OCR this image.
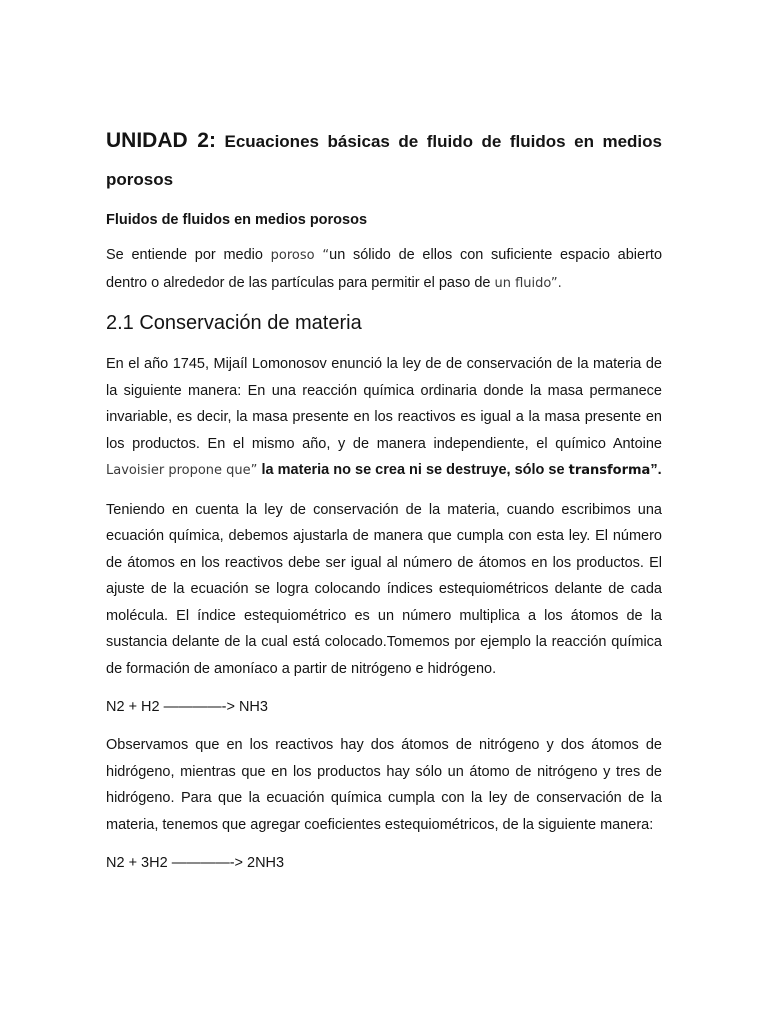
UNIDAD 2: Ecuaciones básicas de fluido de fluidos en medios porosos
Fluidos de fluidos en medios porosos

Se entiende por medio poroso “un sólido de ellos con suficiente espacio abierto dentro o alrededor de las partículas para permitir el paso de un fluido”.

2.1 Conservación de materia

En el año 1745, Mijaíl Lomonosov enunció la ley de de conservación de la materia de la siguiente manera: En una reacción química ordinaria donde la masa permanece invariable, es decir, la masa presente en los reactivos es igual a la masa presente en los productos. En el mismo año, y de manera independiente, el químico Antoine Lavoisier propone que” la materia no se crea ni se destruye, sólo se transforma”.

Teniendo en cuenta la ley de conservación de la materia, cuando escribimos una ecuación química, debemos ajustarla de manera que cumpla con esta ley. El número de átomos en los reactivos debe ser igual al número de átomos en los productos. El ajuste de la ecuación se logra colocando índices estequiométricos delante de cada molécula. El índice estequiométrico es un número multiplica a los átomos de la sustancia delante de la cual está colocado.Tomemos por ejemplo la reacción química de formación de amoníaco a partir de nitrógeno e hidrógeno.

N2 + H2 ————-> NH3

Observamos que en los reactivos hay dos átomos de nitrógeno y dos átomos de hidrógeno, mientras que en los productos hay sólo un átomo de nitrógeno y tres de hidrógeno. Para que la ecuación química cumpla con la ley de conservación de la materia, tenemos que agregar coeficientes estequiométricos, de la siguiente manera:

N2 + 3H2 ————-> 2NH3
